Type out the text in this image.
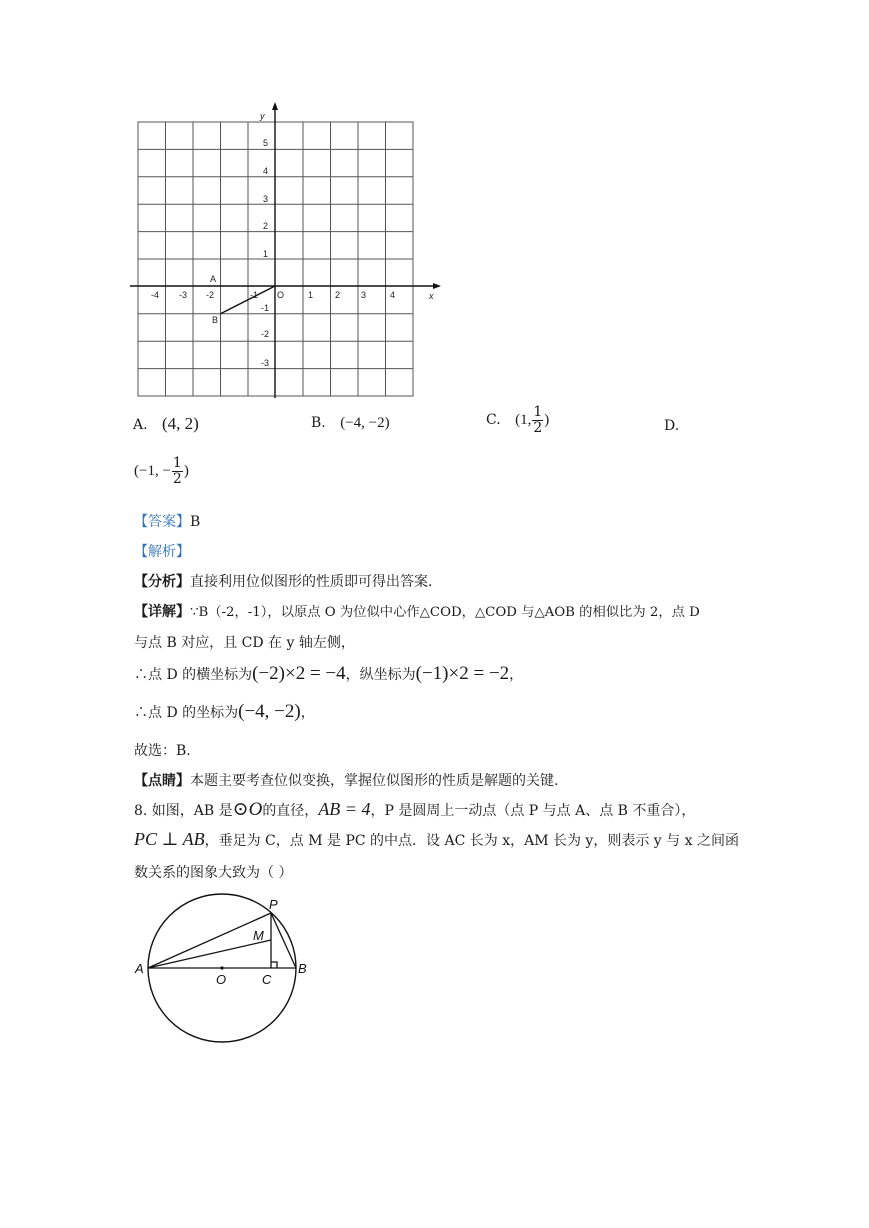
y
x
O
-4 -3 -2	-1	1 2 3	4
5
4
3
2
1
-1
-2
-3
A
B
A. (4, 2)	B. (−4, −2)	C. (1, $\frac{1}{2}$ )	D.
(−1, − $\frac{1}{2}$ )
【答案】B
【解析】
【分析】直接利用位似图形的性质即可得出答案.
【详解】∵B（-2，-1），以原点 O 为位似中心作△COD，△COD 与△AOB 的相似比为 2，点 D
与点 B 对应，且 CD 在 y 轴左侧，
∴点 D 的横坐标为(−2)×2 = −4，纵坐标为(−1)×2 = −2，
∴点 D 的坐标为(−4, −2)，
故选：B.
【点睛】本题主要考查位似变换，掌握位似图形的性质是解题的关键.
8. 如图，AB 是⊙O的直径，AB = 4，P 是圆周上一动点（点 P 与点 A、点 B 不重合），
PC ⊥ AB，垂足为 C，点 M 是 PC 的中点．设 AC 长为 x，AM 长为 y，则表示 y 与 x 之间函
数关系的图象大致为（ ）
P
M
A
O	C
B
